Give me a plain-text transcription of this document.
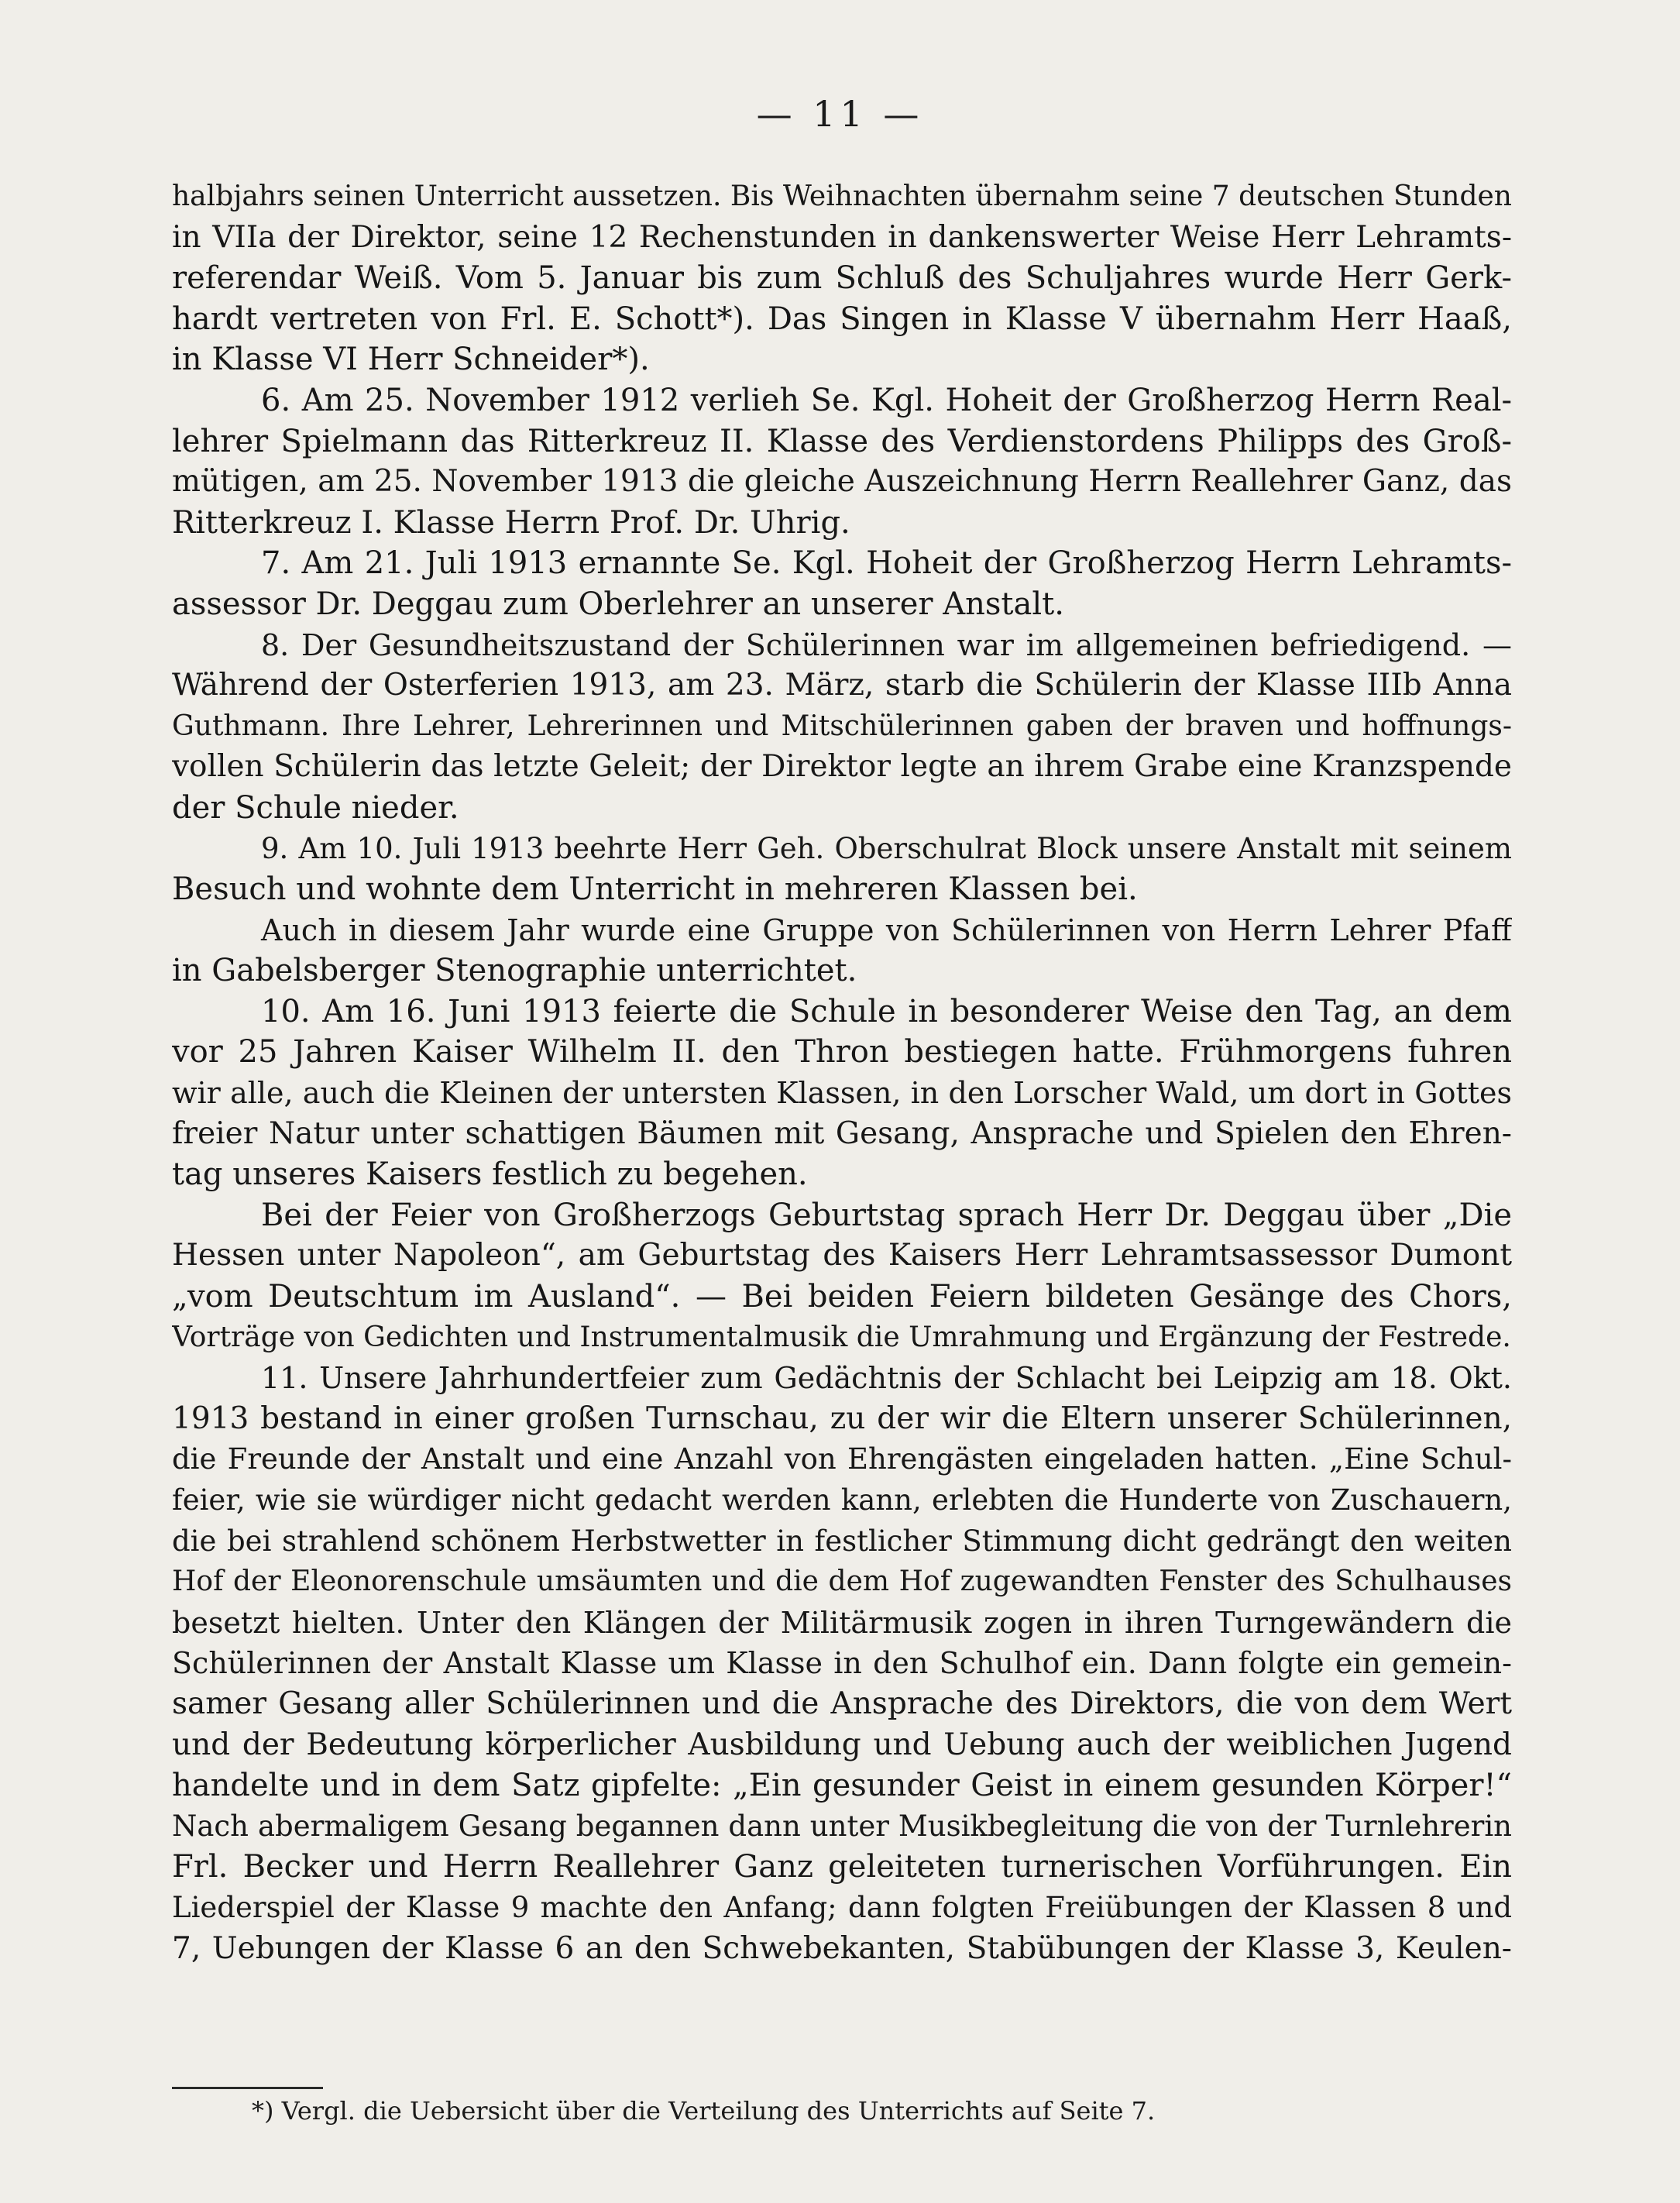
— 11 —
halbjahrs seinen Unterricht aussetzen. Bis Weihnachten übernahm seine 7 deutschen Stunden
in VIIa der Direktor, seine 12 Rechenstunden in dankenswerter Weise Herr Lehramts-
referendar Weiß. Vom 5. Januar bis zum Schluß des Schuljahres wurde Herr Gerk-
hardt vertreten von Frl. E. Schott*). Das Singen in Klasse V übernahm Herr Haaß,
in Klasse VI Herr Schneider*).
6. Am 25. November 1912 verlieh Se. Kgl. Hoheit der Großherzog Herrn Real-
lehrer Spielmann das Ritterkreuz II. Klasse des Verdienstordens Philipps des Groß-
mütigen, am 25. November 1913 die gleiche Auszeichnung Herrn Reallehrer Ganz, das
Ritterkreuz I. Klasse Herrn Prof. Dr. Uhrig.
7. Am 21. Juli 1913 ernannte Se. Kgl. Hoheit der Großherzog Herrn Lehramts-
assessor Dr. Deggau zum Oberlehrer an unserer Anstalt.
8. Der Gesundheitszustand der Schülerinnen war im allgemeinen befriedigend. —
Während der Osterferien 1913, am 23. März, starb die Schülerin der Klasse IIIb Anna
Guthmann. Ihre Lehrer, Lehrerinnen und Mitschülerinnen gaben der braven und hoffnungs-
vollen Schülerin das letzte Geleit; der Direktor legte an ihrem Grabe eine Kranzspende
der Schule nieder.
9. Am 10. Juli 1913 beehrte Herr Geh. Oberschulrat Block unsere Anstalt mit seinem
Besuch und wohnte dem Unterricht in mehreren Klassen bei.
Auch in diesem Jahr wurde eine Gruppe von Schülerinnen von Herrn Lehrer Pfaff
in Gabelsberger Stenographie unterrichtet.
10. Am 16. Juni 1913 feierte die Schule in besonderer Weise den Tag, an dem
vor 25 Jahren Kaiser Wilhelm II. den Thron bestiegen hatte. Frühmorgens fuhren
wir alle, auch die Kleinen der untersten Klassen, in den Lorscher Wald, um dort in Gottes
freier Natur unter schattigen Bäumen mit Gesang, Ansprache und Spielen den Ehren-
tag unseres Kaisers festlich zu begehen.
Bei der Feier von Großherzogs Geburtstag sprach Herr Dr. Deggau über „Die
Hessen unter Napoleon“, am Geburtstag des Kaisers Herr Lehramtsassessor Dumont
„vom Deutschtum im Ausland“. — Bei beiden Feiern bildeten Gesänge des Chors,
Vorträge von Gedichten und Instrumentalmusik die Umrahmung und Ergänzung der Festrede.
11. Unsere Jahrhundertfeier zum Gedächtnis der Schlacht bei Leipzig am 18. Okt.
1913 bestand in einer großen Turnschau, zu der wir die Eltern unserer Schülerinnen,
die Freunde der Anstalt und eine Anzahl von Ehrengästen eingeladen hatten. „Eine Schul-
feier, wie sie würdiger nicht gedacht werden kann, erlebten die Hunderte von Zuschauern,
die bei strahlend schönem Herbstwetter in festlicher Stimmung dicht gedrängt den weiten
Hof der Eleonorenschule umsäumten und die dem Hof zugewandten Fenster des Schulhauses
besetzt hielten. Unter den Klängen der Militärmusik zogen in ihren Turngewändern die
Schülerinnen der Anstalt Klasse um Klasse in den Schulhof ein. Dann folgte ein gemein-
samer Gesang aller Schülerinnen und die Ansprache des Direktors, die von dem Wert
und der Bedeutung körperlicher Ausbildung und Uebung auch der weiblichen Jugend
handelte und in dem Satz gipfelte: „Ein gesunder Geist in einem gesunden Körper!“
Nach abermaligem Gesang begannen dann unter Musikbegleitung die von der Turnlehrerin
Frl. Becker und Herrn Reallehrer Ganz geleiteten turnerischen Vorführungen. Ein
Liederspiel der Klasse 9 machte den Anfang; dann folgten Freiübungen der Klassen 8 und
7, Uebungen der Klasse 6 an den Schwebekanten, Stabübungen der Klasse 3, Keulen-
*) Vergl. die Uebersicht über die Verteilung des Unterrichts auf Seite 7.
